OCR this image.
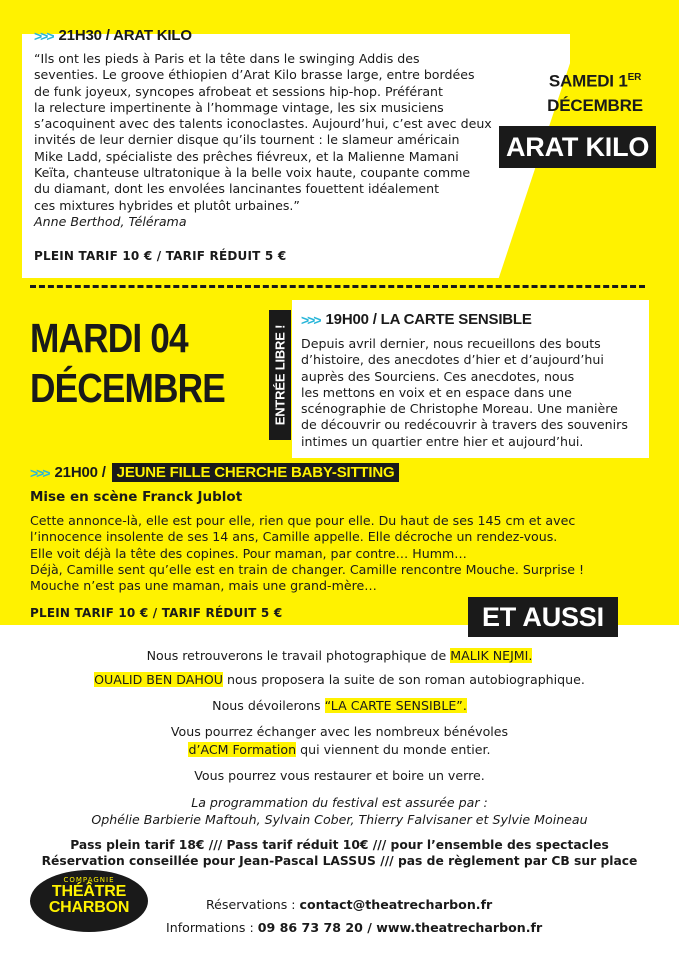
>>> 21H30 / ARAT KILO
“Ils ont les pieds à Paris et la tête dans le swinging Addis des
seventies. Le groove éthiopien d’Arat Kilo brasse large, entre bordées
de funk joyeux, syncopes afrobeat et sessions hip-hop. Préférant
la relecture impertinente à l’hommage vintage, les six musiciens
s’acoquinent avec des talents iconoclastes. Aujourd’hui, c’est avec deux
invités de leur dernier disque qu’ils tournent : le slameur américain
Mike Ladd, spécialiste des prêches fiévreux, et la Malienne Mamani
Keïta, chanteuse ultratonique à la belle voix haute, coupante comme
du diamant, dont les envolées lancinantes fouettent idéalement
ces mixtures hybrides et plutôt urbaines.”
Anne Berthod, Télérama
PLEIN TARIF 10 € / TARIF RÉDUIT 5 €
SAMEDI 1ER
DÉCEMBRE
ARAT KILO
MARDI 04
DÉCEMBRE	ENTRÉE LIBRE !
>>> 19H00 / LA CARTE SENSIBLE
Depuis avril dernier, nous recueillons des bouts
d’histoire, des anecdotes d’hier et d’aujourd’hui
auprès des Sourciens. Ces anecdotes, nous
les mettons en voix et en espace dans une
scénographie de Christophe Moreau. Une manière
de découvrir ou redécouvrir à travers des souvenirs
intimes un quartier entre hier et aujourd’hui.
>>> 21H00 / JEUNE FILLE CHERCHE BABY-SITTING
Mise en scène Franck Jublot
Cette annonce-là, elle est pour elle, rien que pour elle. Du haut de ses 145 cm et avec
l’innocence insolente de ses 14 ans, Camille appelle. Elle décroche un rendez-vous.
Elle voit déjà la tête des copines. Pour maman, par contre… Humm…
Déjà, Camille sent qu’elle est en train de changer. Camille rencontre Mouche. Surprise !
Mouche n’est pas une maman, mais une grand-mère…
PLEIN TARIF 10 € / TARIF RÉDUIT 5 €	ET AUSSI
Nous retrouverons le travail photographique de MALIK NEJMI.
OUALID BEN DAHOU nous proposera la suite de son roman autobiographique.
Nous dévoilerons “LA CARTE SENSIBLE”.
Vous pourrez échanger avec les nombreux bénévoles
d’ACM Formation qui viennent du monde entier.
Vous pourrez vous restaurer et boire un verre.
La programmation du festival est assurée par :
Ophélie Barbierie Maftouh, Sylvain Cober, Thierry Falvisaner et Sylvie Moineau
Pass plein tarif 18€ /// Pass tarif réduit 10€ /// pour l’ensemble des spectacles
Réservation conseillée pour Jean-Pascal LASSUS /// pas de règlement par CB sur place
COMPAGNIE
THÉÂTRE
CHARBON	Réservations : contact@theatrecharbon.fr
Informations : 09 86 73 78 20 / www.theatrecharbon.fr
